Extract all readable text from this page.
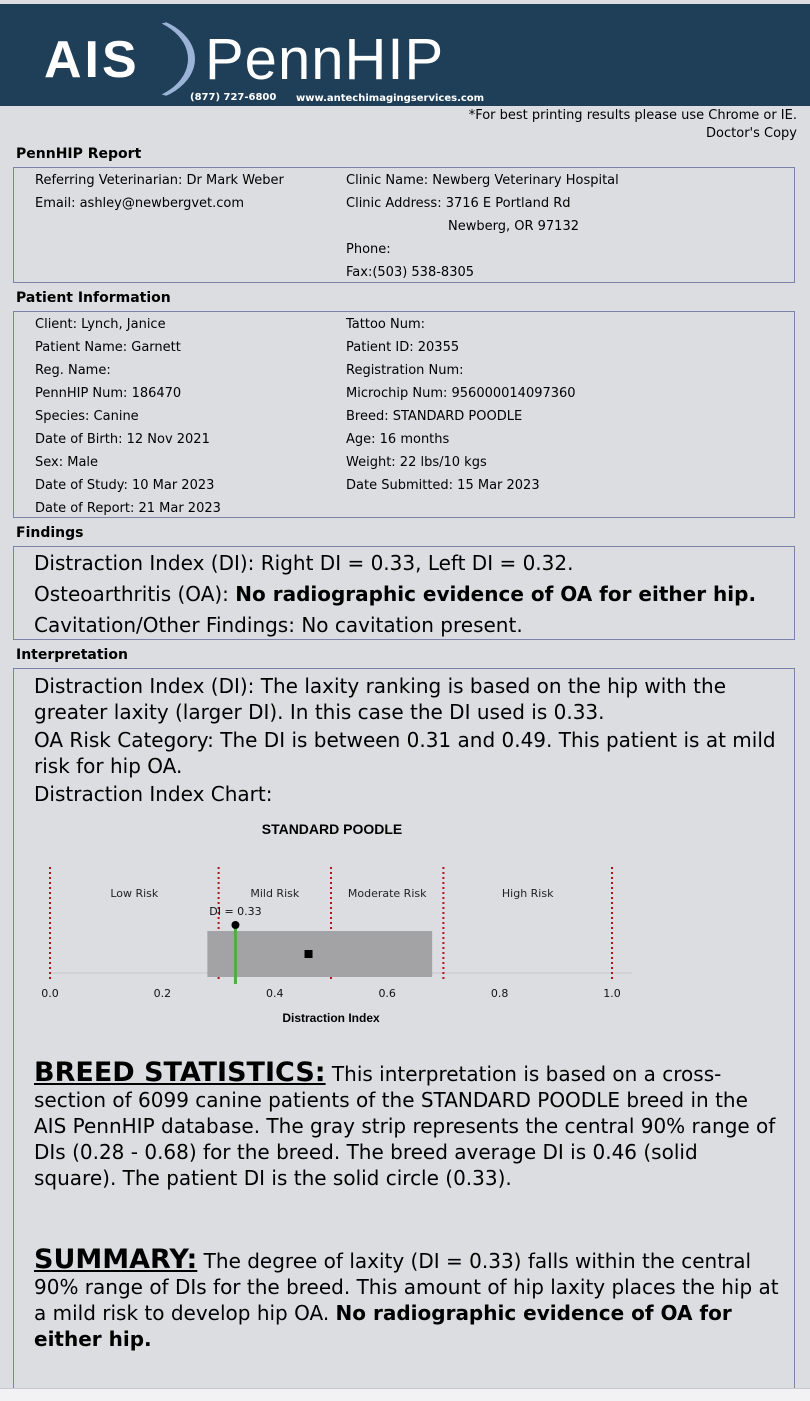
AIS PennHIP
(877) 727-6800 www.antechimagingservices.com
*For best printing results please use Chrome or IE.
Doctor's Copy
PennHIP Report
Referring Veterinarian: Dr Mark Weber
Email: ashley@newbergvet.com
Clinic Name: Newberg Veterinary Hospital
Clinic Address: 3716 E Portland Rd
Newberg, OR 97132
Phone:
Fax:(503) 538-8305
Patient Information
Client: Lynch, Janice
Patient Name: Garnett
Reg. Name:
PennHIP Num: 186470
Species: Canine
Date of Birth: 12 Nov 2021
Sex: Male
Date of Study: 10 Mar 2023
Date of Report: 21 Mar 2023
Tattoo Num:
Patient ID: 20355
Registration Num:
Microchip Num: 956000014097360
Breed: STANDARD POODLE
Age: 16 months
Weight: 22 lbs/10 kgs
Date Submitted: 15 Mar 2023
Findings
Distraction Index (DI): Right DI = 0.33, Left DI = 0.32.
Osteoarthritis (OA): No radiographic evidence of OA for either hip.
Cavitation/Other Findings: No cavitation present.
Interpretation
Distraction Index (DI): The laxity ranking is based on the hip with the greater laxity (larger DI). In this case the DI used is 0.33.
OA Risk Category: The DI is between 0.31 and 0.49. This patient is at mild risk for hip OA.
Distraction Index Chart:
STANDARD POODLE
Low Risk	Mild Risk	Moderate Risk	High Risk
DI = 0.33
0.0	0.2	0.4	0.6	0.8	1.0
Distraction Index
BREED STATISTICS: This interpretation is based on a cross-section of 6099 canine patients of the STANDARD POODLE breed in the AIS PennHIP database. The gray strip represents the central 90% range of DIs (0.28 - 0.68) for the breed. The breed average DI is 0.46 (solid square). The patient DI is the solid circle (0.33).
SUMMARY: The degree of laxity (DI = 0.33) falls within the central 90% range of DIs for the breed. This amount of hip laxity places the hip at a mild risk to develop hip OA. No radiographic evidence of OA for either hip.
